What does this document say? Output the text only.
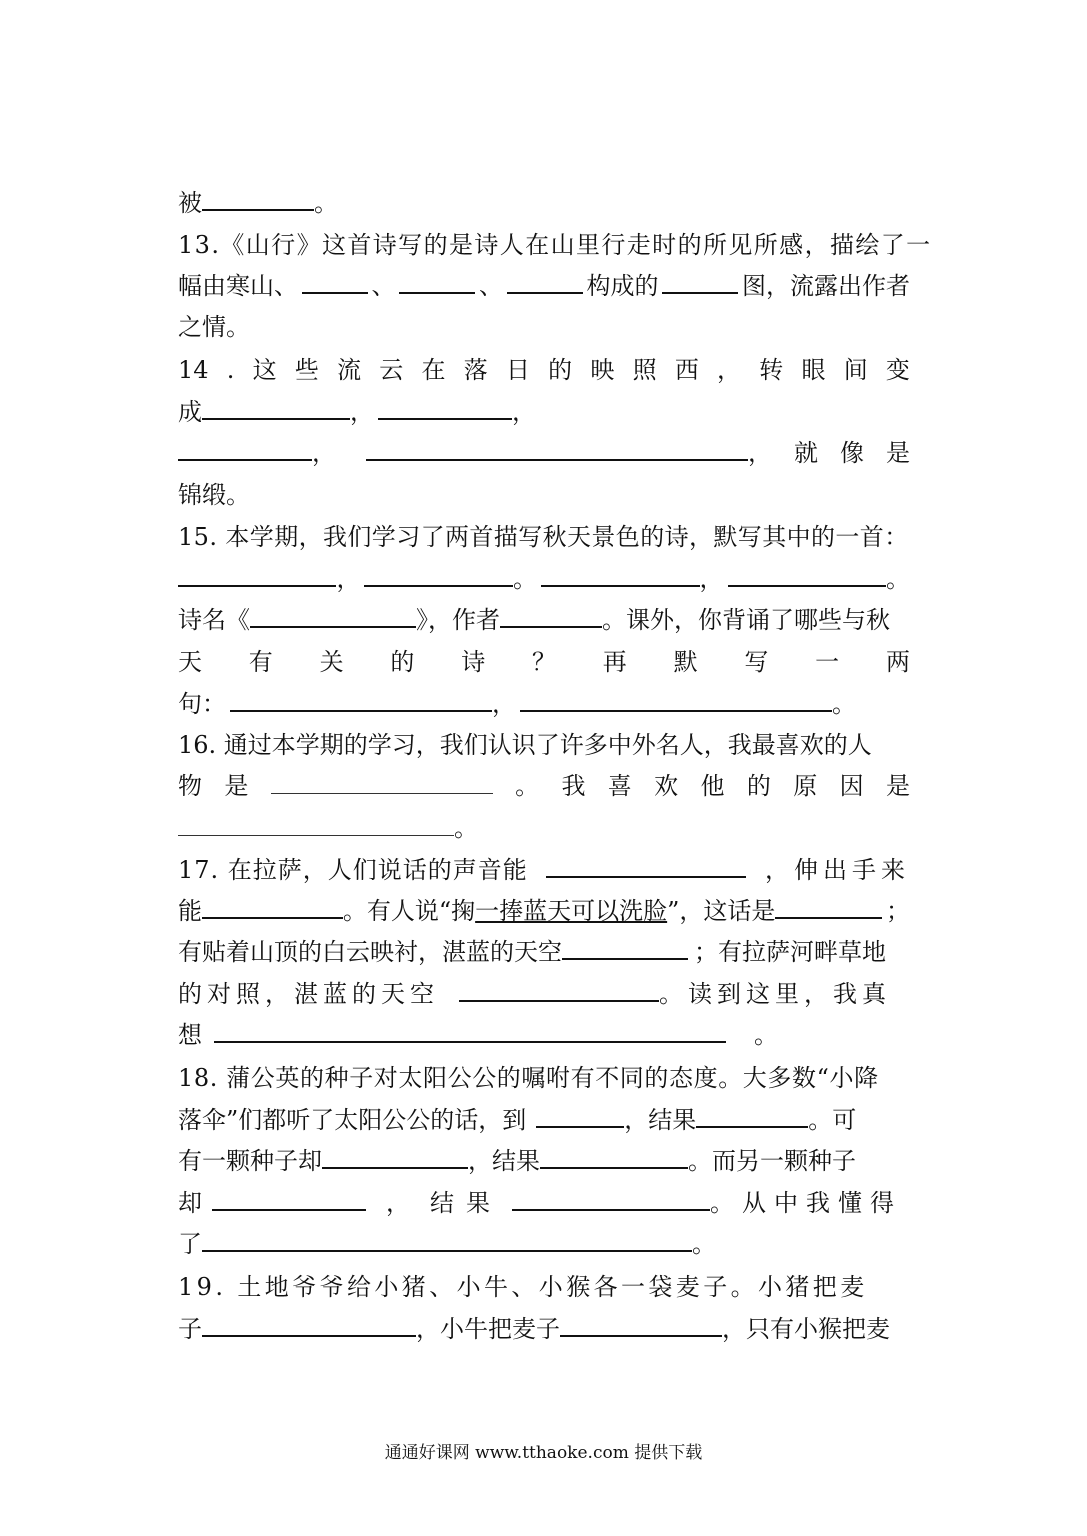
被	。
13.《山行》这首诗写的是诗人在山里行走时的所见所感，描绘了一
幅由寒山、	、	、	构成的	图，流露出作者
之情。
14 . 这 些 流 云 在 落 日 的 映 照 西 ， 转 眼 间 变
成	，	，
，	， 就 像 是
锦缎。
15. 本学期，我们学习了两首描写秋天景色的诗，默写其中的一首：
，	。	，	。
诗名《	》，作者	。课外，你背诵了哪些与秋
天 有 关 的 诗 ？ 再 默 写 一 两
句：	，	。
16. 通过本学期的学习，我们认识了许多中外名人，我最喜欢的人
物 是	。 我 喜 欢 他 的 原 因 是
。
17. 在拉萨，人们说话的声音能	，伸出手来
能	。有人说“掬 一捧蓝天可以洗脸 ”，这话是	；
有贴着山顶的白云映衬，湛蓝的天空	；有拉萨河畔草地
的对照，湛蓝的天空	。读到这里，我真
想	。
18. 蒲公英的种子对太阳公公的嘱咐有不同的态度。大多数“小降
落伞”们都听了太阳公公的话，到	，结果	。可
有一颗种子却	，结果	。而另一颗种子
却	， 结果	。从中我懂得
了	。
19. 土地爷爷给小猪、小牛、小猴各一袋麦子。小猪把麦
子	，小牛把麦子	，只有小猴把麦
通通好课网 www.tthaoke.com 提供下载
